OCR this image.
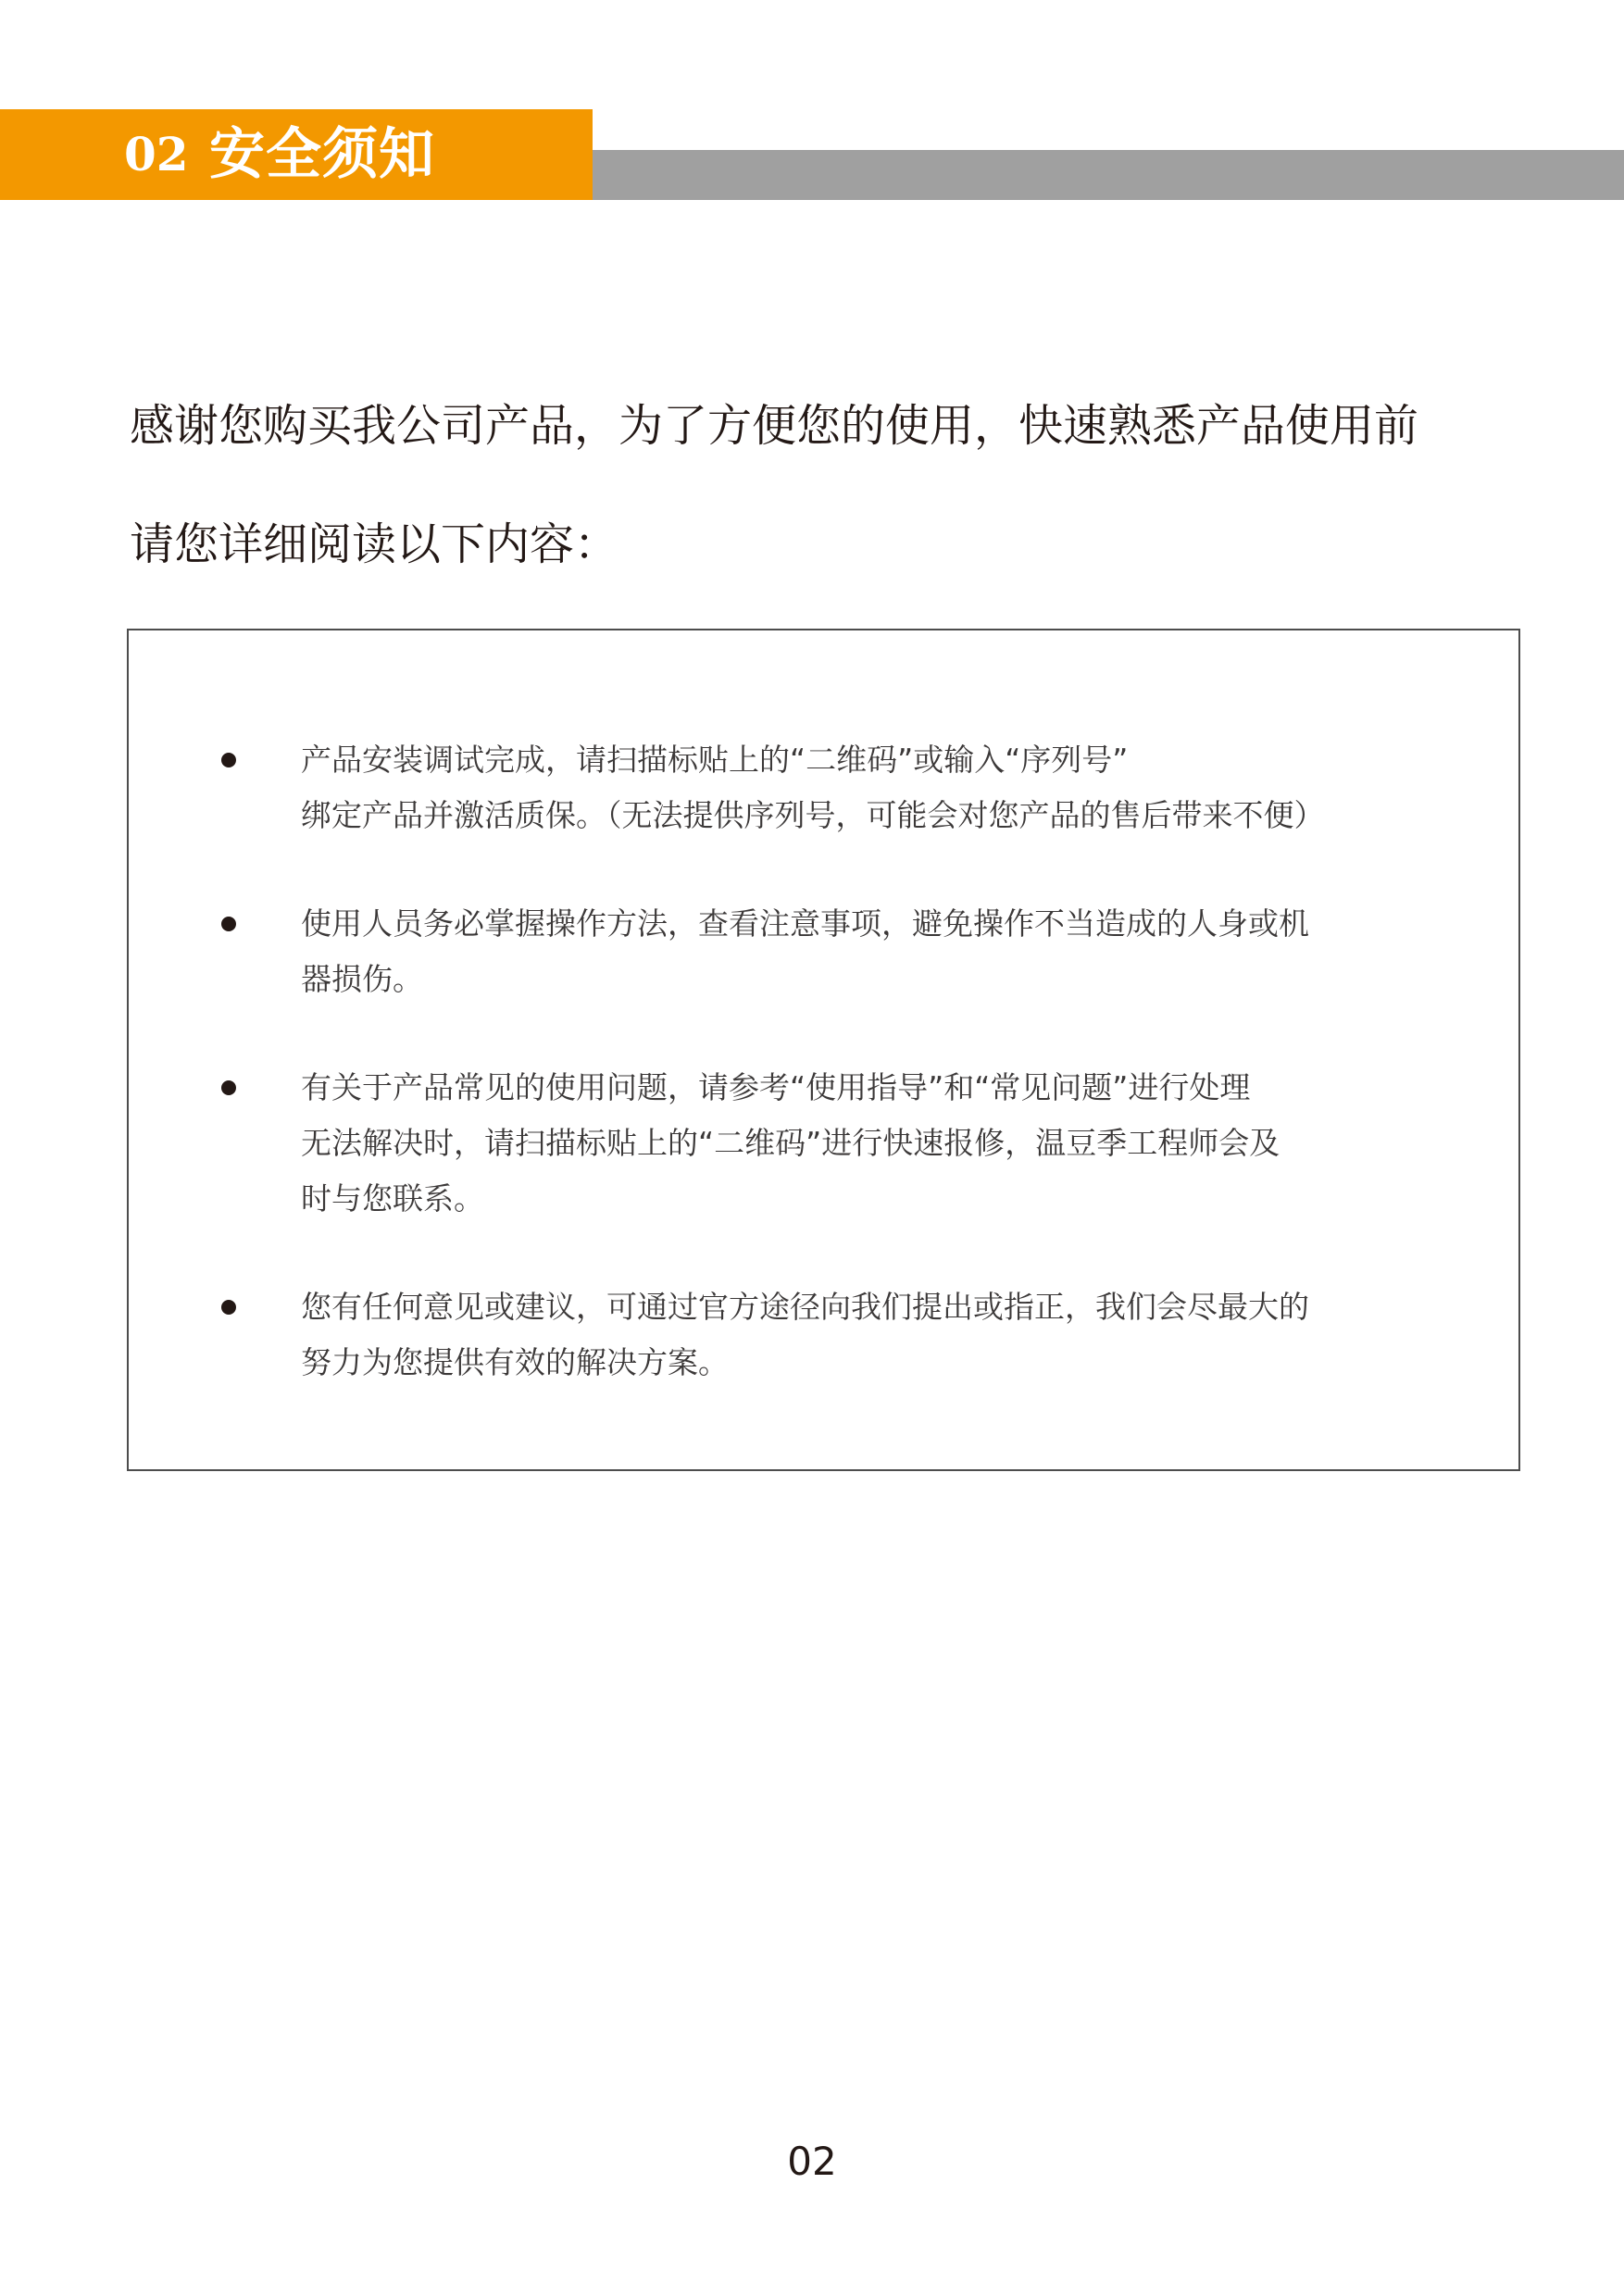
02 安全须知

感谢您购买我公司产品，为了方便您的使用，快速熟悉产品使用前

请您详细阅读以下内容：

产品安装调试完成，请扫描标贴上的“二维码”或输入“序列号”
绑定产品并激活质保。（无法提供序列号，可能会对您产品的售后带来不便）
使用人员务必掌握操作方法，查看注意事项，避免操作不当造成的人身或机
器损伤。
有关于产品常见的使用问题，请参考“使用指导”和“常见问题”进行处理
无法解决时，请扫描标贴上的“二维码”进行快速报修，温豆季工程师会及
时与您联系。
您有任何意见或建议，可通过官方途径向我们提出或指正，我们会尽最大的
努力为您提供有效的解决方案。
02
